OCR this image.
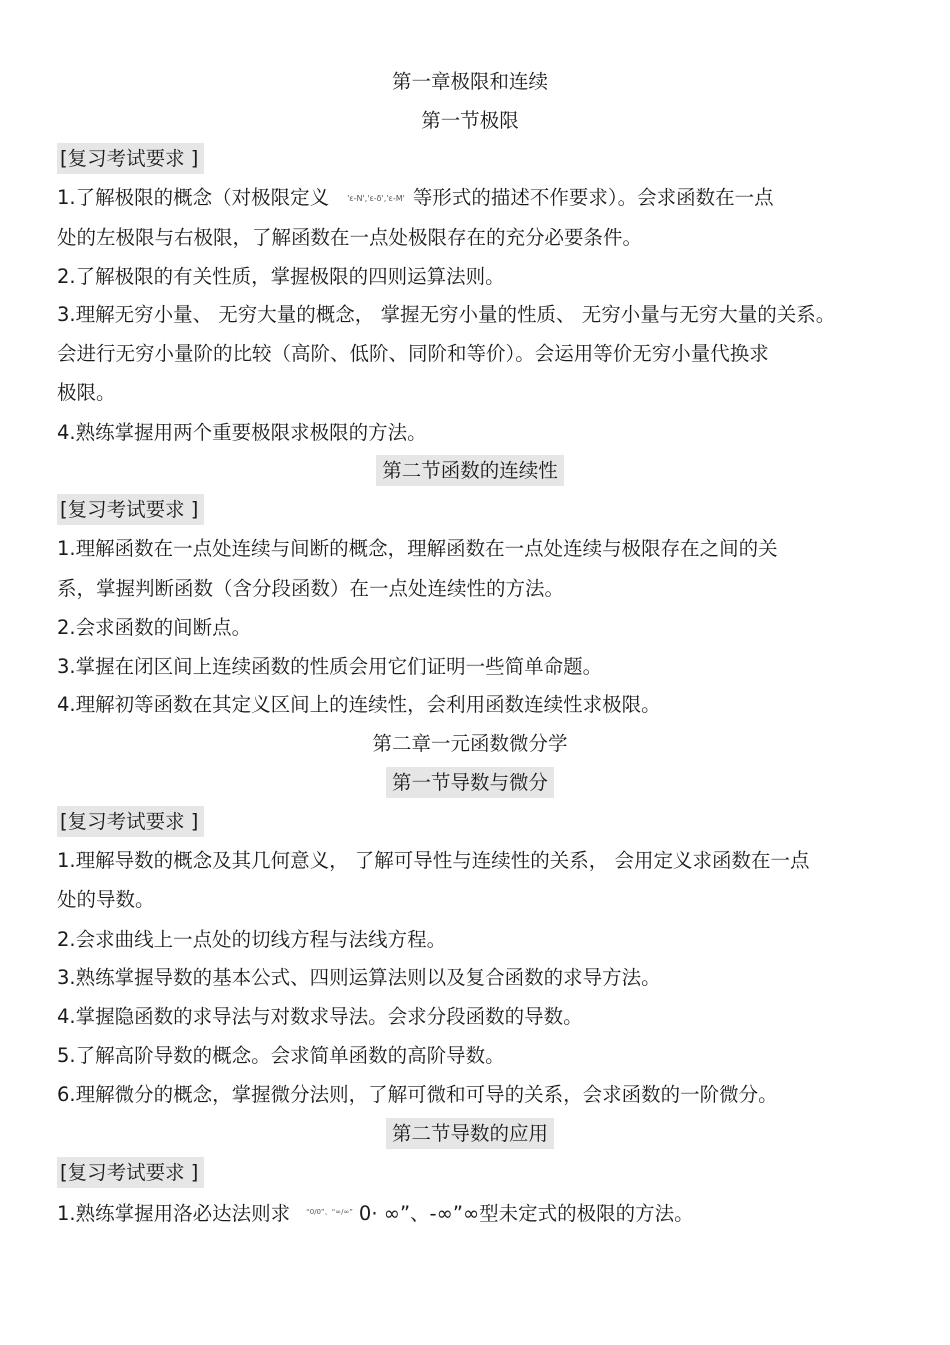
第一章极限和连续
第一节极限
[复习考试要求 ]
1.了解极限的概念（对极限定义 'ε-N','ε-δ','ε-M' 等形式的描述不作要求）。会求函数在一点
处的左极限与右极限，了解函数在一点处极限存在的充分必要条件。
2.了解极限的有关性质，掌握极限的四则运算法则。
3.理解无穷小量、 无穷大量的概念， 掌握无穷小量的性质、 无穷小量与无穷大量的关系。
会进行无穷小量阶的比较（高阶、低阶、同阶和等价）。会运用等价无穷小量代换求
极限。
4.熟练掌握用两个重要极限求极限的方法。
第二节函数的连续性
[复习考试要求 ]
1.理解函数在一点处连续与间断的概念，理解函数在一点处连续与极限存在之间的关
系，掌握判断函数（含分段函数）在一点处连续性的方法。
2.会求函数的间断点。
3.掌握在闭区间上连续函数的性质会用它们证明一些简单命题。
4.理解初等函数在其定义区间上的连续性，会利用函数连续性求极限。
第二章一元函数微分学
第一节导数与微分
[复习考试要求 ]
1.理解导数的概念及其几何意义， 了解可导性与连续性的关系， 会用定义求函数在一点
处的导数。
2.会求曲线上一点处的切线方程与法线方程。
3.熟练掌握导数的基本公式、四则运算法则以及复合函数的求导方法。
4.掌握隐函数的求导法与对数求导法。会求分段函数的导数。
5.了解高阶导数的概念。会求简单函数的高阶导数。
6.理解微分的概念，掌握微分法则，了解可微和可导的关系，会求函数的一阶微分。
第二节导数的应用
[复习考试要求 ]
1.熟练掌握用洛必达法则求 $^{“0/0”、“\infty/\infty”}$ 0· ∞”、-∞”∞型未定式的极限的方法。
